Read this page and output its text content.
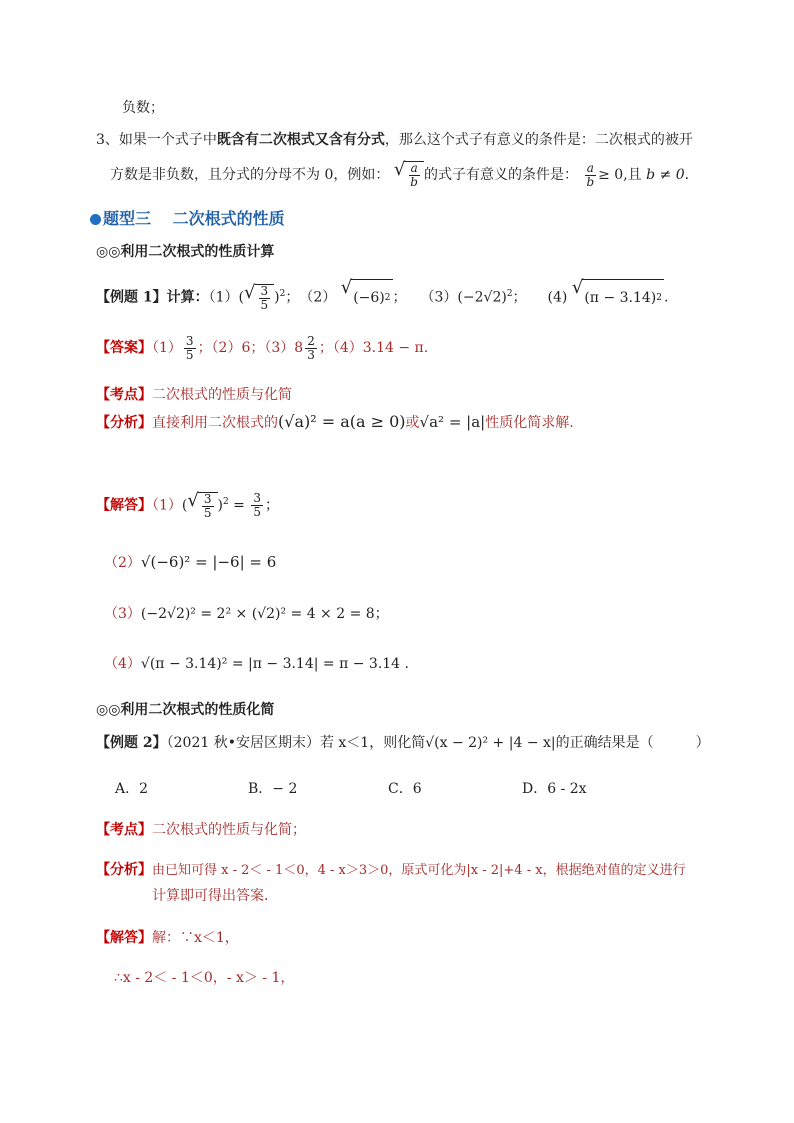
负数；
3、如果一个式子中既含有二次根式又含有分式，那么这个式子有意义的条件是：二次根式的被开
方数是非负数，且分式的分母不为 0，例如： √ $\frac{a}{b}$ 的式子有意义的条件是： $\frac{a}{b} \ge 0$,且 b ≠ 0.
题型三　 二次根式的性质
◎◎利用二次根式的性质计算
【例题 1】计算：（1）( √ $\frac{3}{5} )^2$；　（2） √ (−6) 2 ；　　$(3)(-2√2)^2$；　　(4) √ (π − 3.14) 2 .
【答案】$(1) \frac{3}{5}$ ；（2）6；$(3)8 \frac{2}{3}$ ；（4）3.14 − π.
【考点】二次根式的性质与化简
【分析】直接利用二次根式的(√a)² = a(a ≥ 0)或√a² = |a|性质化简求解.
【解答】（1）( √ $\frac{3}{5} )^2 = \frac{3}{5}$ ；
（2）√(−6)² = |−6| = 6
（3）(−2√2)² = 2² × (√2)² = 4 × 2 = 8；
（4）√(π − 3.14)² = |π − 3.14| = π − 3.14 .
◎◎利用二次根式的性质化简
【例题 2】（2021 秋•安居区期末）若 x＜1，则化简√(x − 2)² + |4 − x|的正确结果是（　　　）
A．2	B．− 2	C．6	D．6 - 2x
【考点】二次根式的性质与化简；
【分析】由已知可得 x - 2＜ - 1＜0，4 - x＞3＞0，原式可化为|x - 2|+4 - x，根据绝对值的定义进行
计算即可得出答案．
【解答】解：∵x＜1，
∴x - 2＜ - 1＜0，- x＞ - 1，
